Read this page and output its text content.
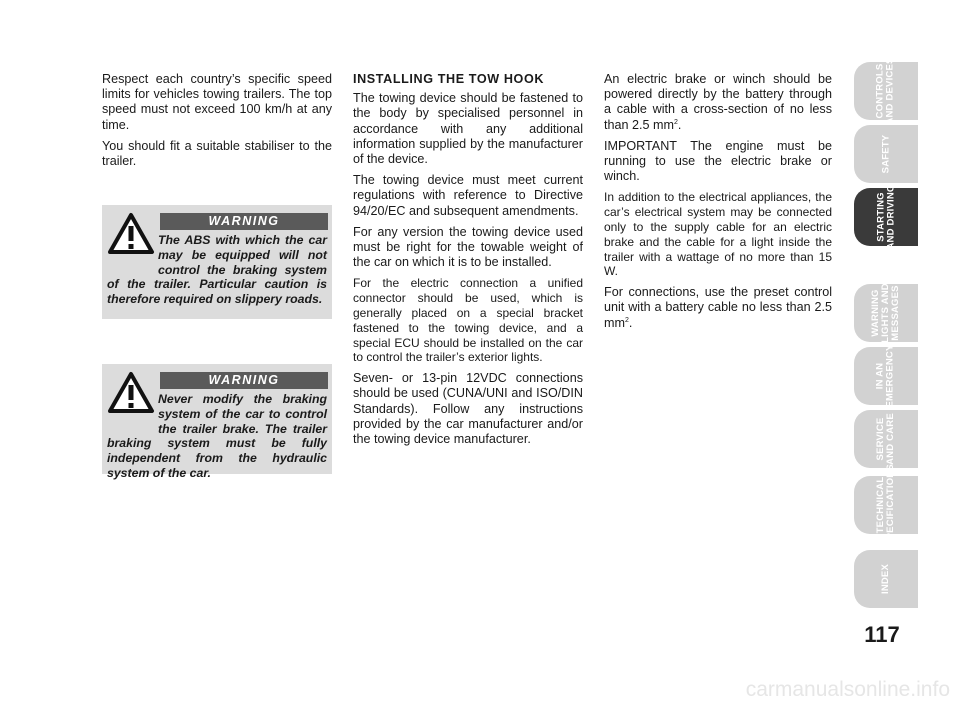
Respect each country’s specific speed limits for vehicles towing trailers. The top speed must not exceed 100 km/h at any time.

You should fit a suitable stabiliser to the trailer.

WARNING
The ABS with which the car may be equipped will not control the braking system of the trailer. Particular caution is therefore required on slippery roads.
WARNING
Never modify the braking system of the car to control the trailer brake. The trailer braking system must be fully independent from the hydraulic system of the car.

INSTALLING THE TOW HOOK

The towing device should be fastened to the body by specialised personnel in accordance with any additional information supplied by the manufacturer of the device.

The towing device must meet current regulations with reference to Directive 94/20/EC and subsequent amendments.

For any version the towing device used must be right for the towable weight of the car on which it is to be installed.

For the electric connection a unified connector should be used, which is generally placed on a special bracket fastened to the towing device, and a special ECU should be installed on the car to control the trailer’s exterior lights.

Seven- or 13-pin 12VDC connections should be used (CUNA/UNI and ISO/DIN Standards). Follow any instructions provided by the car manufacturer and/or the towing device manufacturer.

An electric brake or winch should be powered directly by the battery through a cable with a cross-section of no less than 2.5 $mm^2$.

IMPORTANT The engine must be running to use the electric brake or winch.

In addition to the electrical appliances, the car’s electrical system may be connected only to the supply cable for an electric brake and the cable for a light inside the trailer with a wattage of no more than 15 W.

For connections, use the preset control unit with a battery cable no less than 2.5 $mm^2$.

CONTROLS
AND DEVICES
SAFETY
STARTING
AND DRIVING
WARNING
LIGHTS AND
MESSAGES
IN AN
EMERGENCY
SERVICE
AND CARE
TECHNICAL
SPECIFICATIONS
INDEX
117
carmanualsonline.info
